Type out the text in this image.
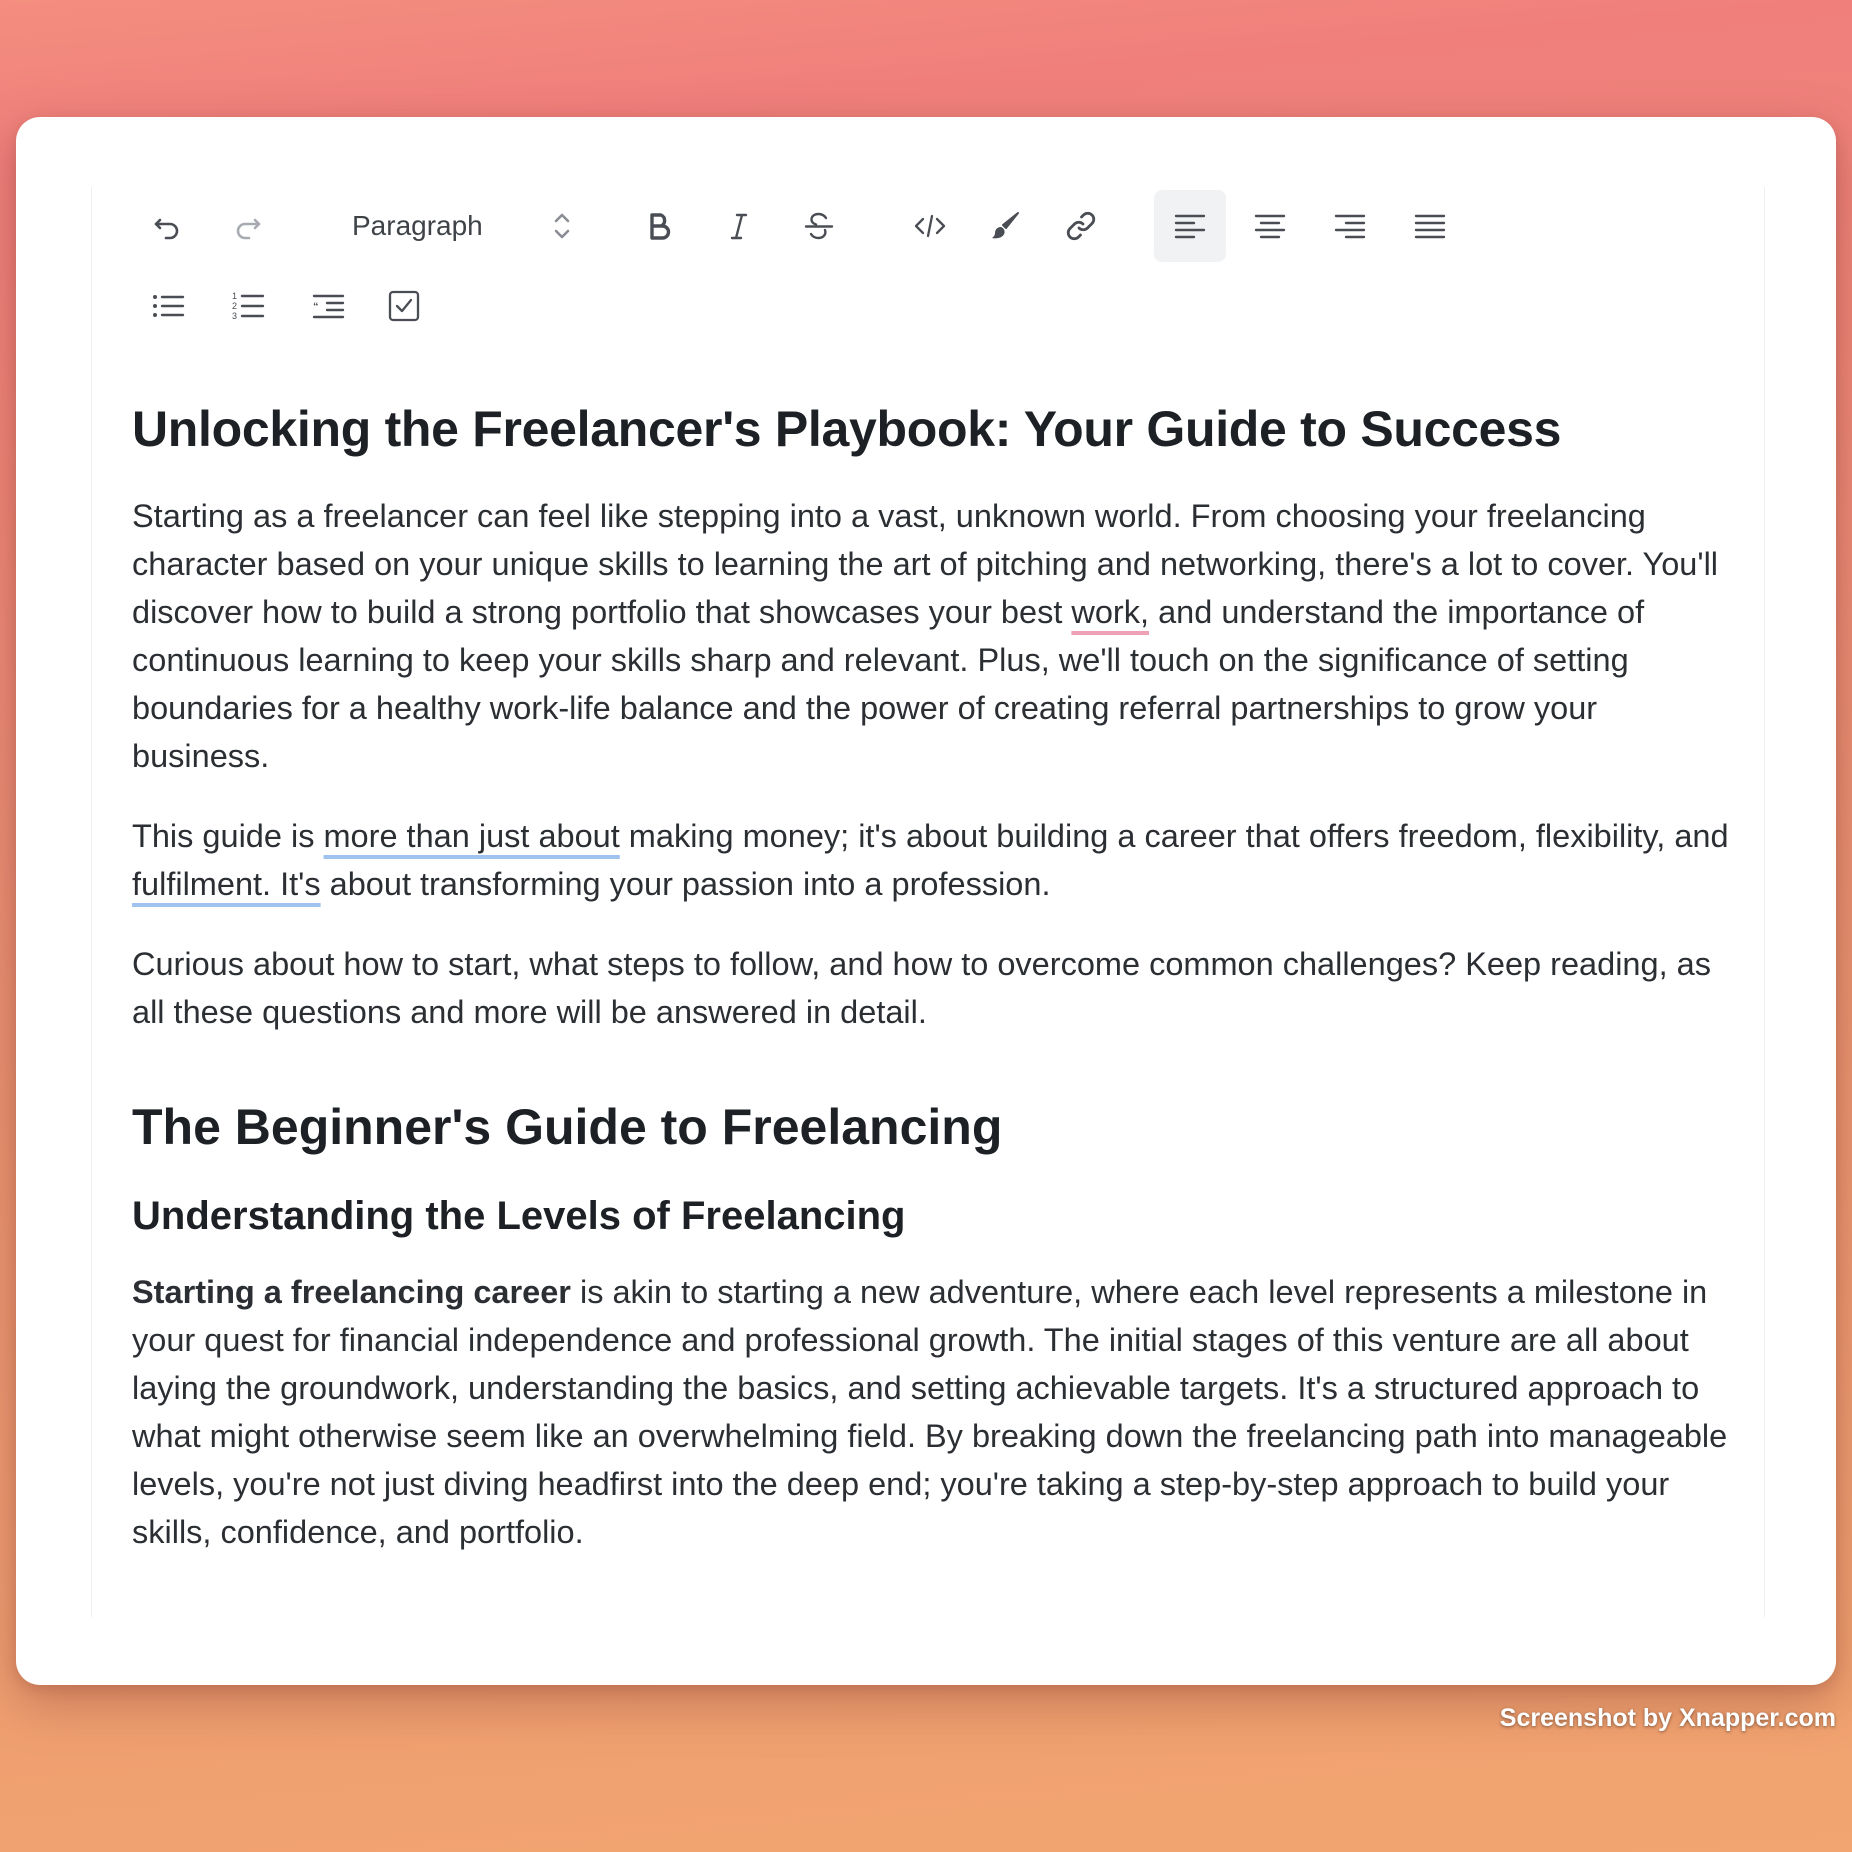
Paragraph
1
2
3
“
Unlocking the Freelancer's Playbook: Your Guide to Success

Starting as a freelancer can feel like stepping into a vast, unknown world. From choosing your freelancing character based on your unique skills to learning the art of pitching and networking, there's a lot to cover. You'll discover how to build a strong portfolio that showcases your best work, and understand the importance of continuous learning to keep your skills sharp and relevant. Plus, we'll touch on the significance of setting boundaries for a healthy work-life balance and the power of creating referral partnerships to grow your business.

This guide is more than just about making money; it's about building a career that offers freedom, flexibility, and fulfilment. It's about transforming your passion into a profession.

Curious about how to start, what steps to follow, and how to overcome common challenges? Keep reading, as all these questions and more will be answered in detail.

The Beginner's Guide to Freelancing
Understanding the Levels of Freelancing

Starting a freelancing career is akin to starting a new adventure, where each level represents a milestone in your quest for financial independence and professional growth. The initial stages of this venture are all about laying the groundwork, understanding the basics, and setting achievable targets. It's a structured approach to what might otherwise seem like an overwhelming field. By breaking down the freelancing path into manageable levels, you're not just diving headfirst into the deep end; you're taking a step-by-step approach to build your skills, confidence, and portfolio.

Screenshot by Xnapper.com
